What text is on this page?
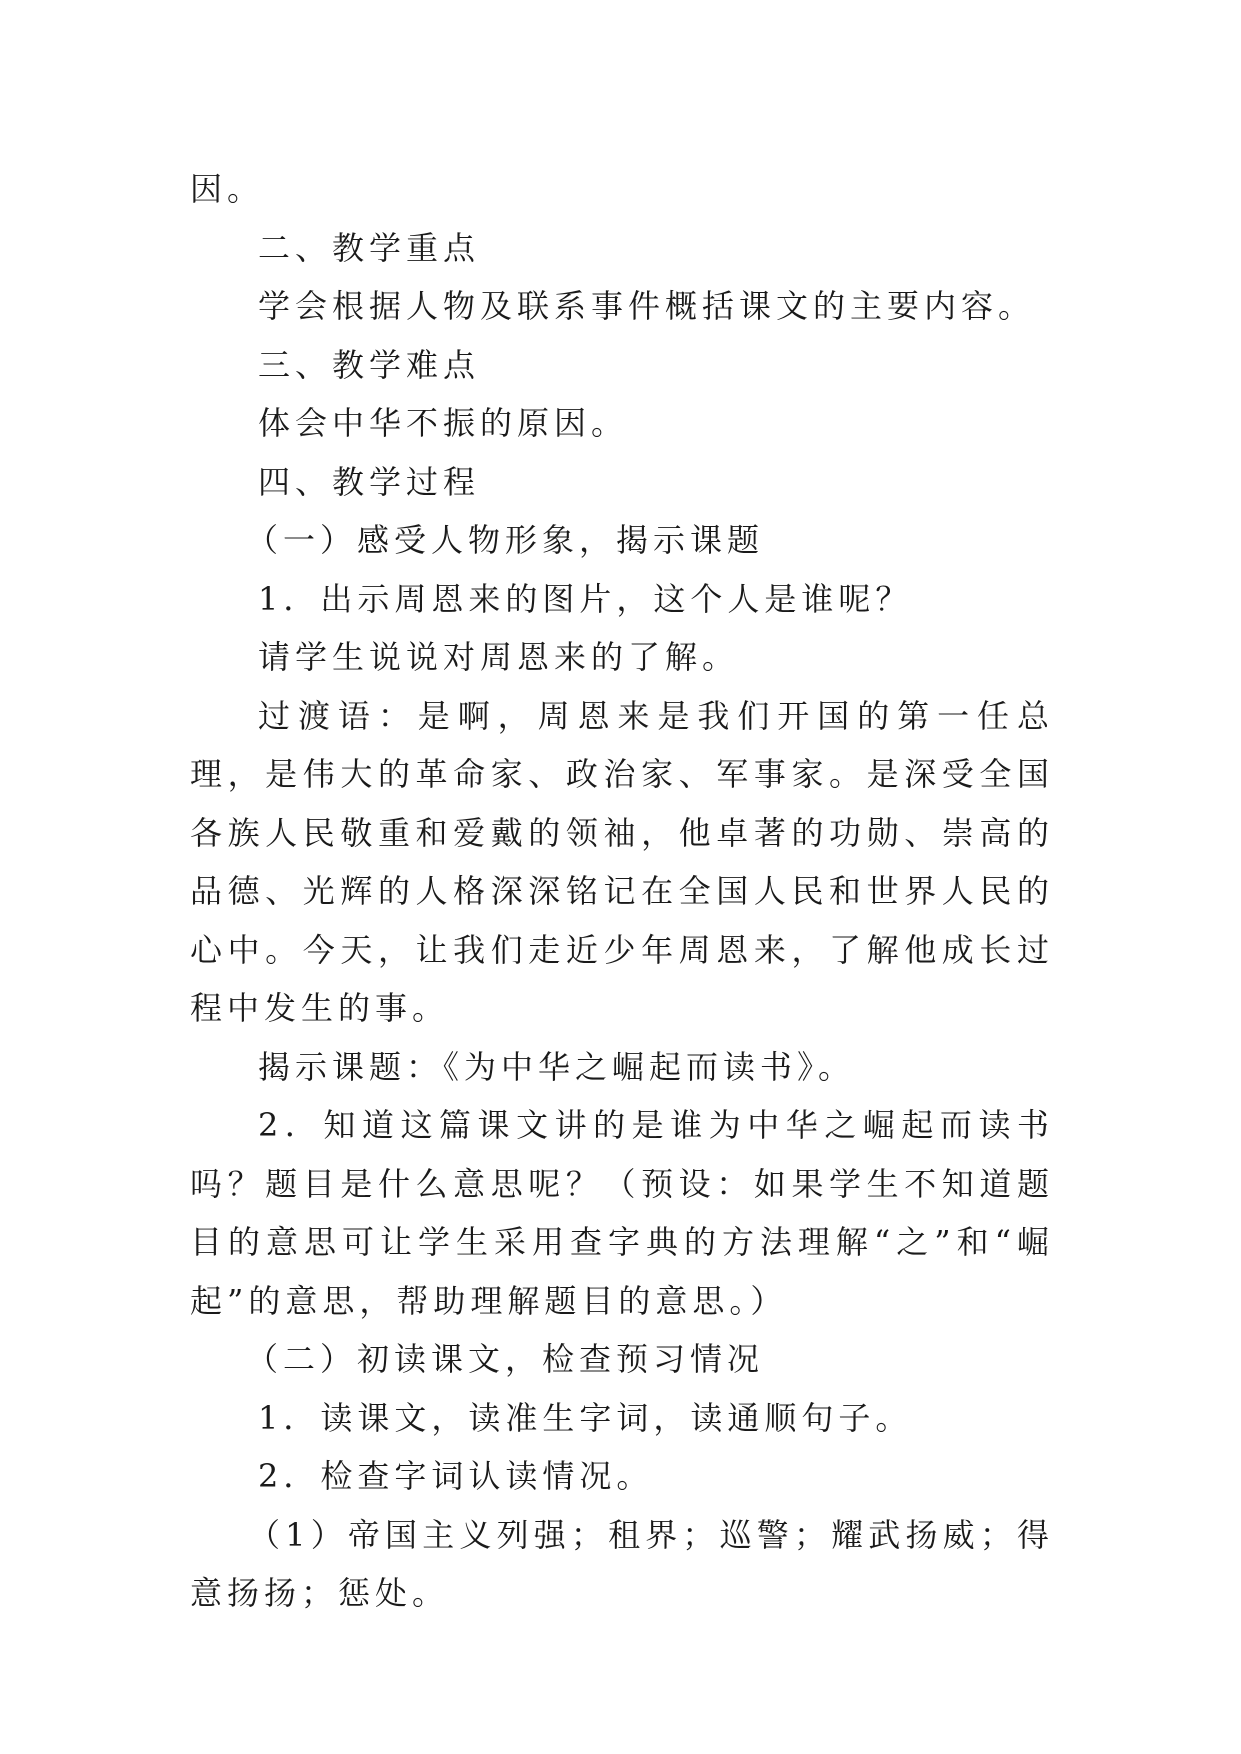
因。

二、教学重点

学会根据人物及联系事件概括课文的主要内容。

三、教学难点

体会中华不振的原因。

四、教学过程

（一）感受人物形象，揭示课题

1．出示周恩来的图片，这个人是谁呢？

请学生说说对周恩来的了解。

过渡语：是啊，周恩来是我们开国的第一任总理，是伟大的革命家、政治家、军事家。是深受全国各族人民敬重和爱戴的领袖，他卓著的功勋、崇高的品德、光辉的人格深深铭记在全国人民和世界人民的心中。今天，让我们走近少年周恩来，了解他成长过程中发生的事。

揭示课题：《为中华之崛起而读书》。

2．知道这篇课文讲的是谁为中华之崛起而读书吗？题目是什么意思呢？（预设：如果学生不知道题目的意思可让学生采用查字典的方法理解“之”和“崛起”的意思，帮助理解题目的意思。）

（二）初读课文，检查预习情况

1．读课文，读准生字词，读通顺句子。

2．检查字词认读情况。

（1）帝国主义列强；租界；巡警；耀武扬威；得意扬扬；惩处。
